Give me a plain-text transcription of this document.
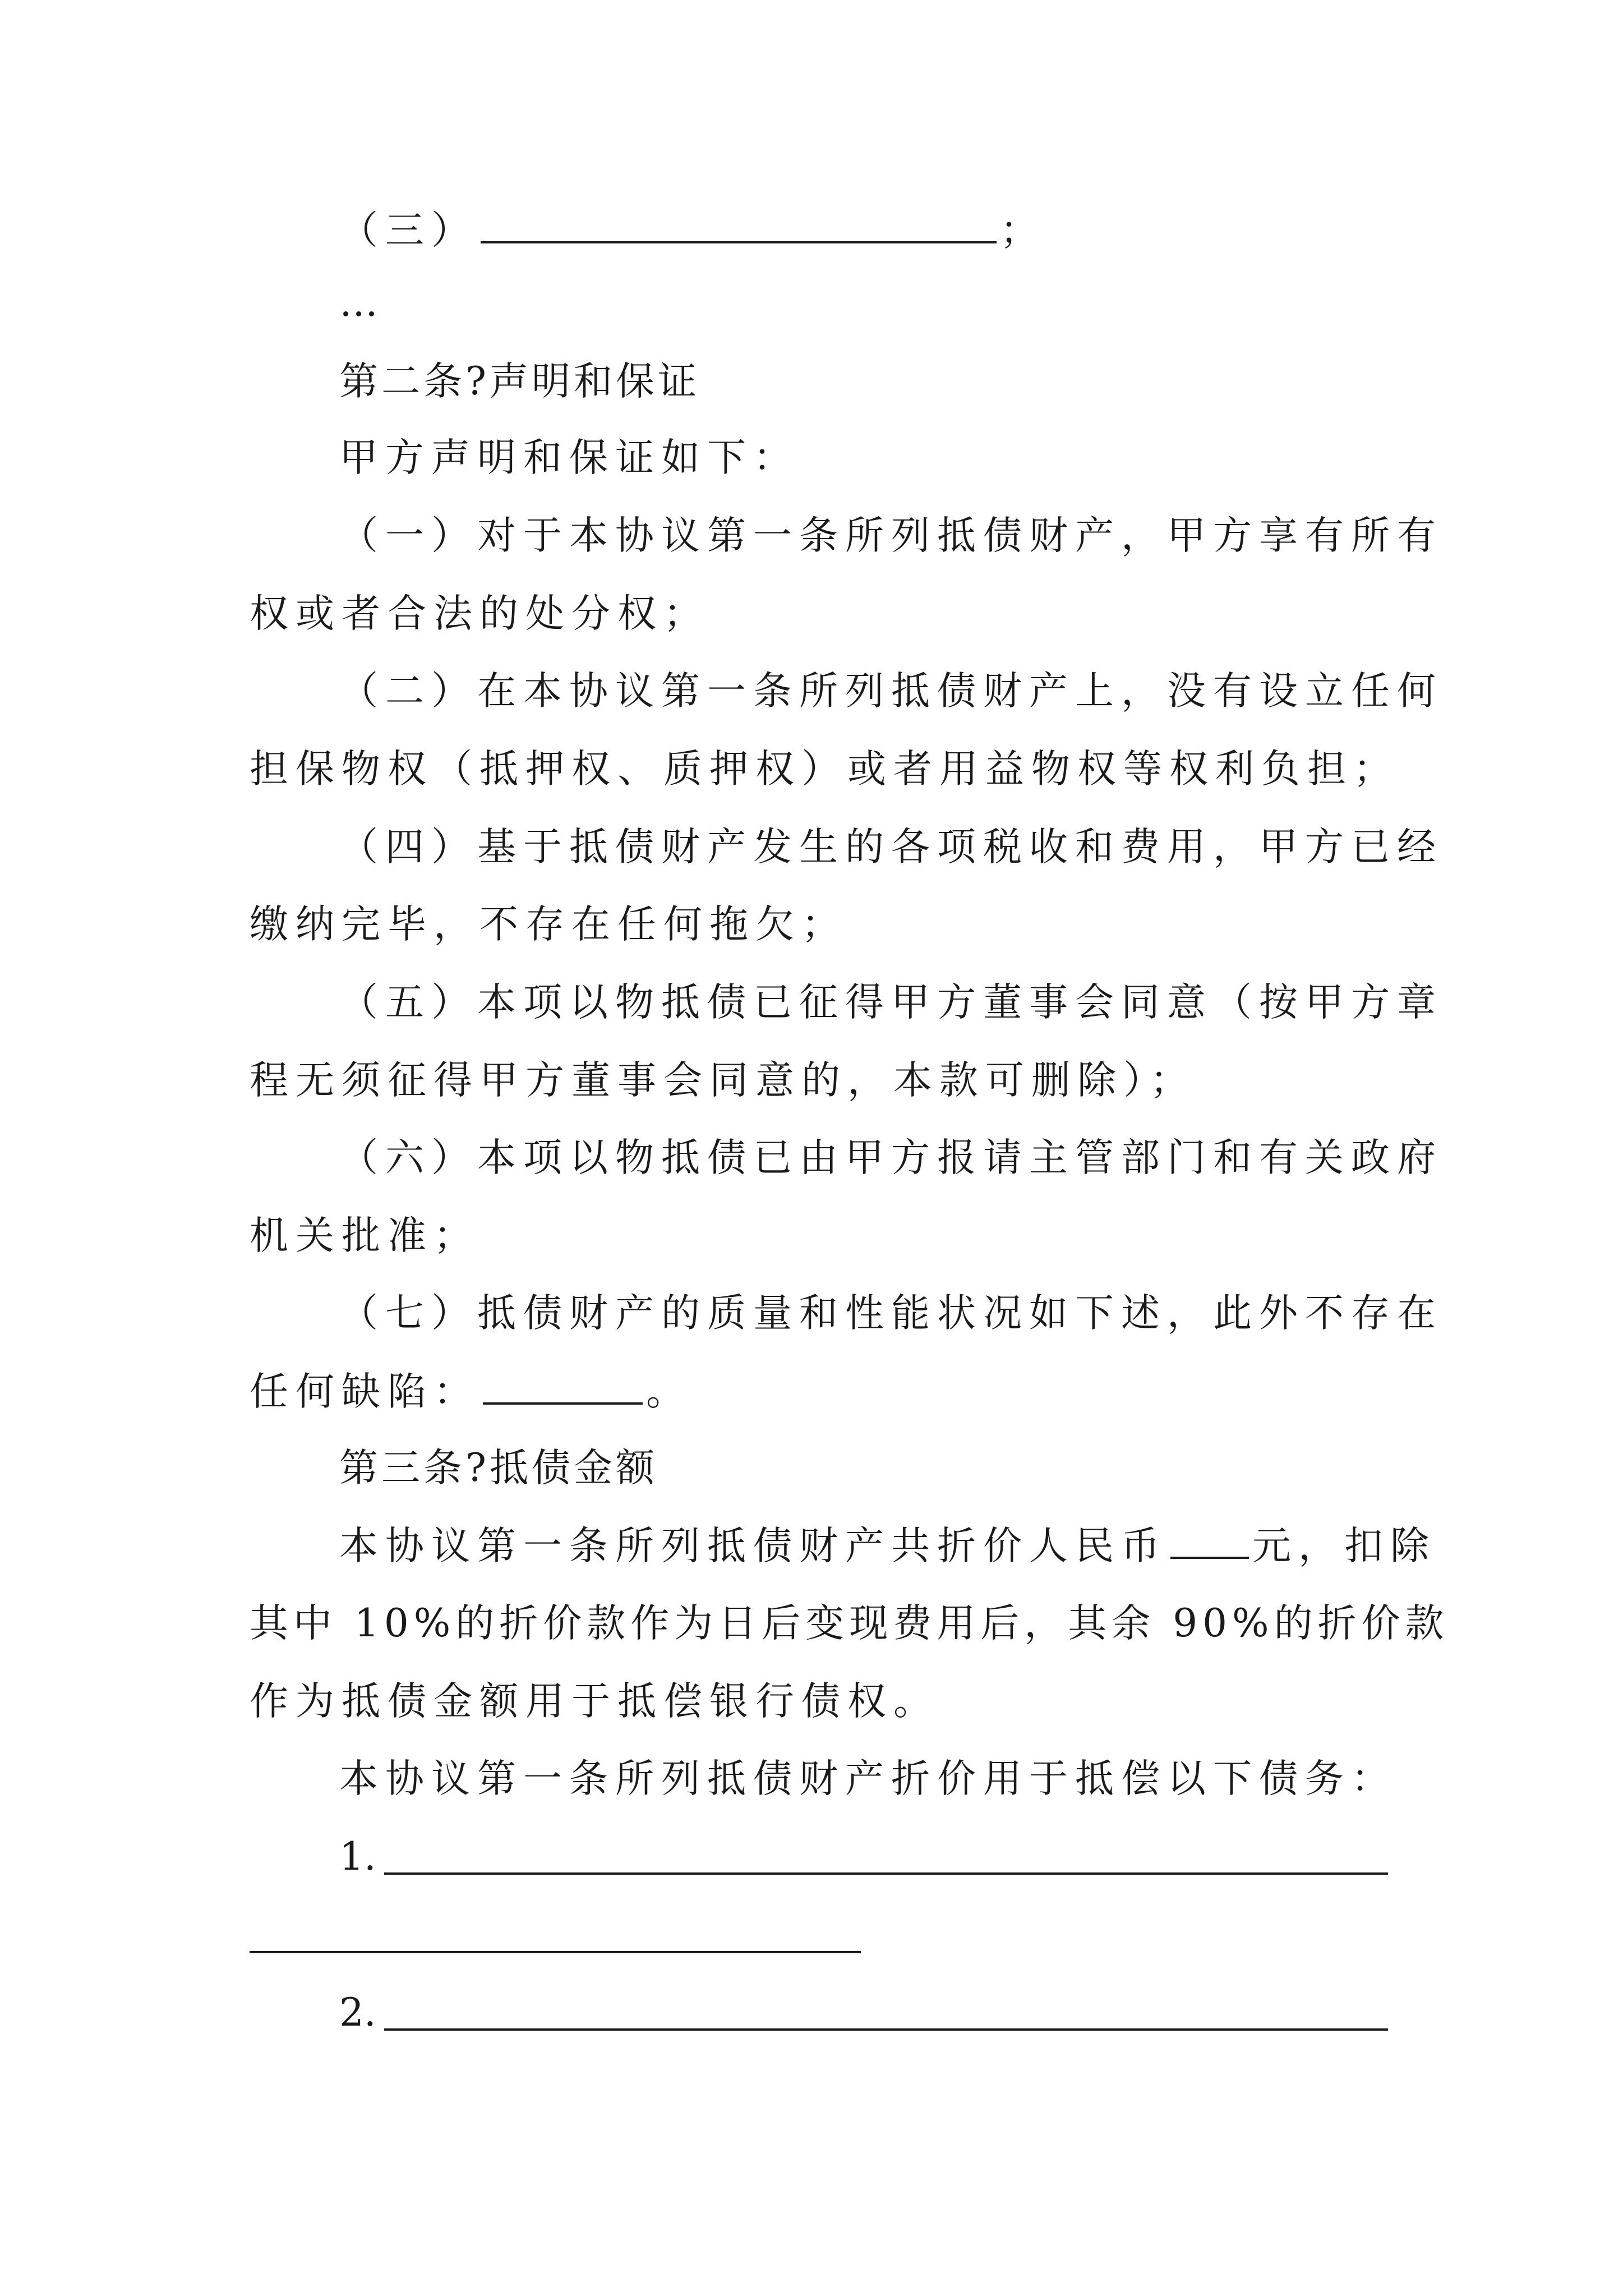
（三）	；
…
第二条?声明和保证
甲方声明和保证如下：
（一）对于本协议第一条所列抵债财产，甲方享有所有
权或者合法的处分权；
（二）在本协议第一条所列抵债财产上，没有设立任何
担保物权（抵押权、质押权）或者用益物权等权利负担；
（四）基于抵债财产发生的各项税收和费用，甲方已经
缴纳完毕，不存在任何拖欠；
（五）本项以物抵债已征得甲方董事会同意（按甲方章
程无须征得甲方董事会同意的，本款可删除）；
（六）本项以物抵债已由甲方报请主管部门和有关政府
机关批准；
（七）抵债财产的质量和性能状况如下述，此外不存在
任何缺陷：	。
第三条?抵债金额
本协议第一条所列抵债财产共折价人民币 元，扣除
其中 10%的折价款作为日后变现费用后，其余 90%的折价款
作为抵债金额用于抵偿银行债权。
本协议第一条所列抵债财产折价用于抵偿以下债务：
1.
2.
